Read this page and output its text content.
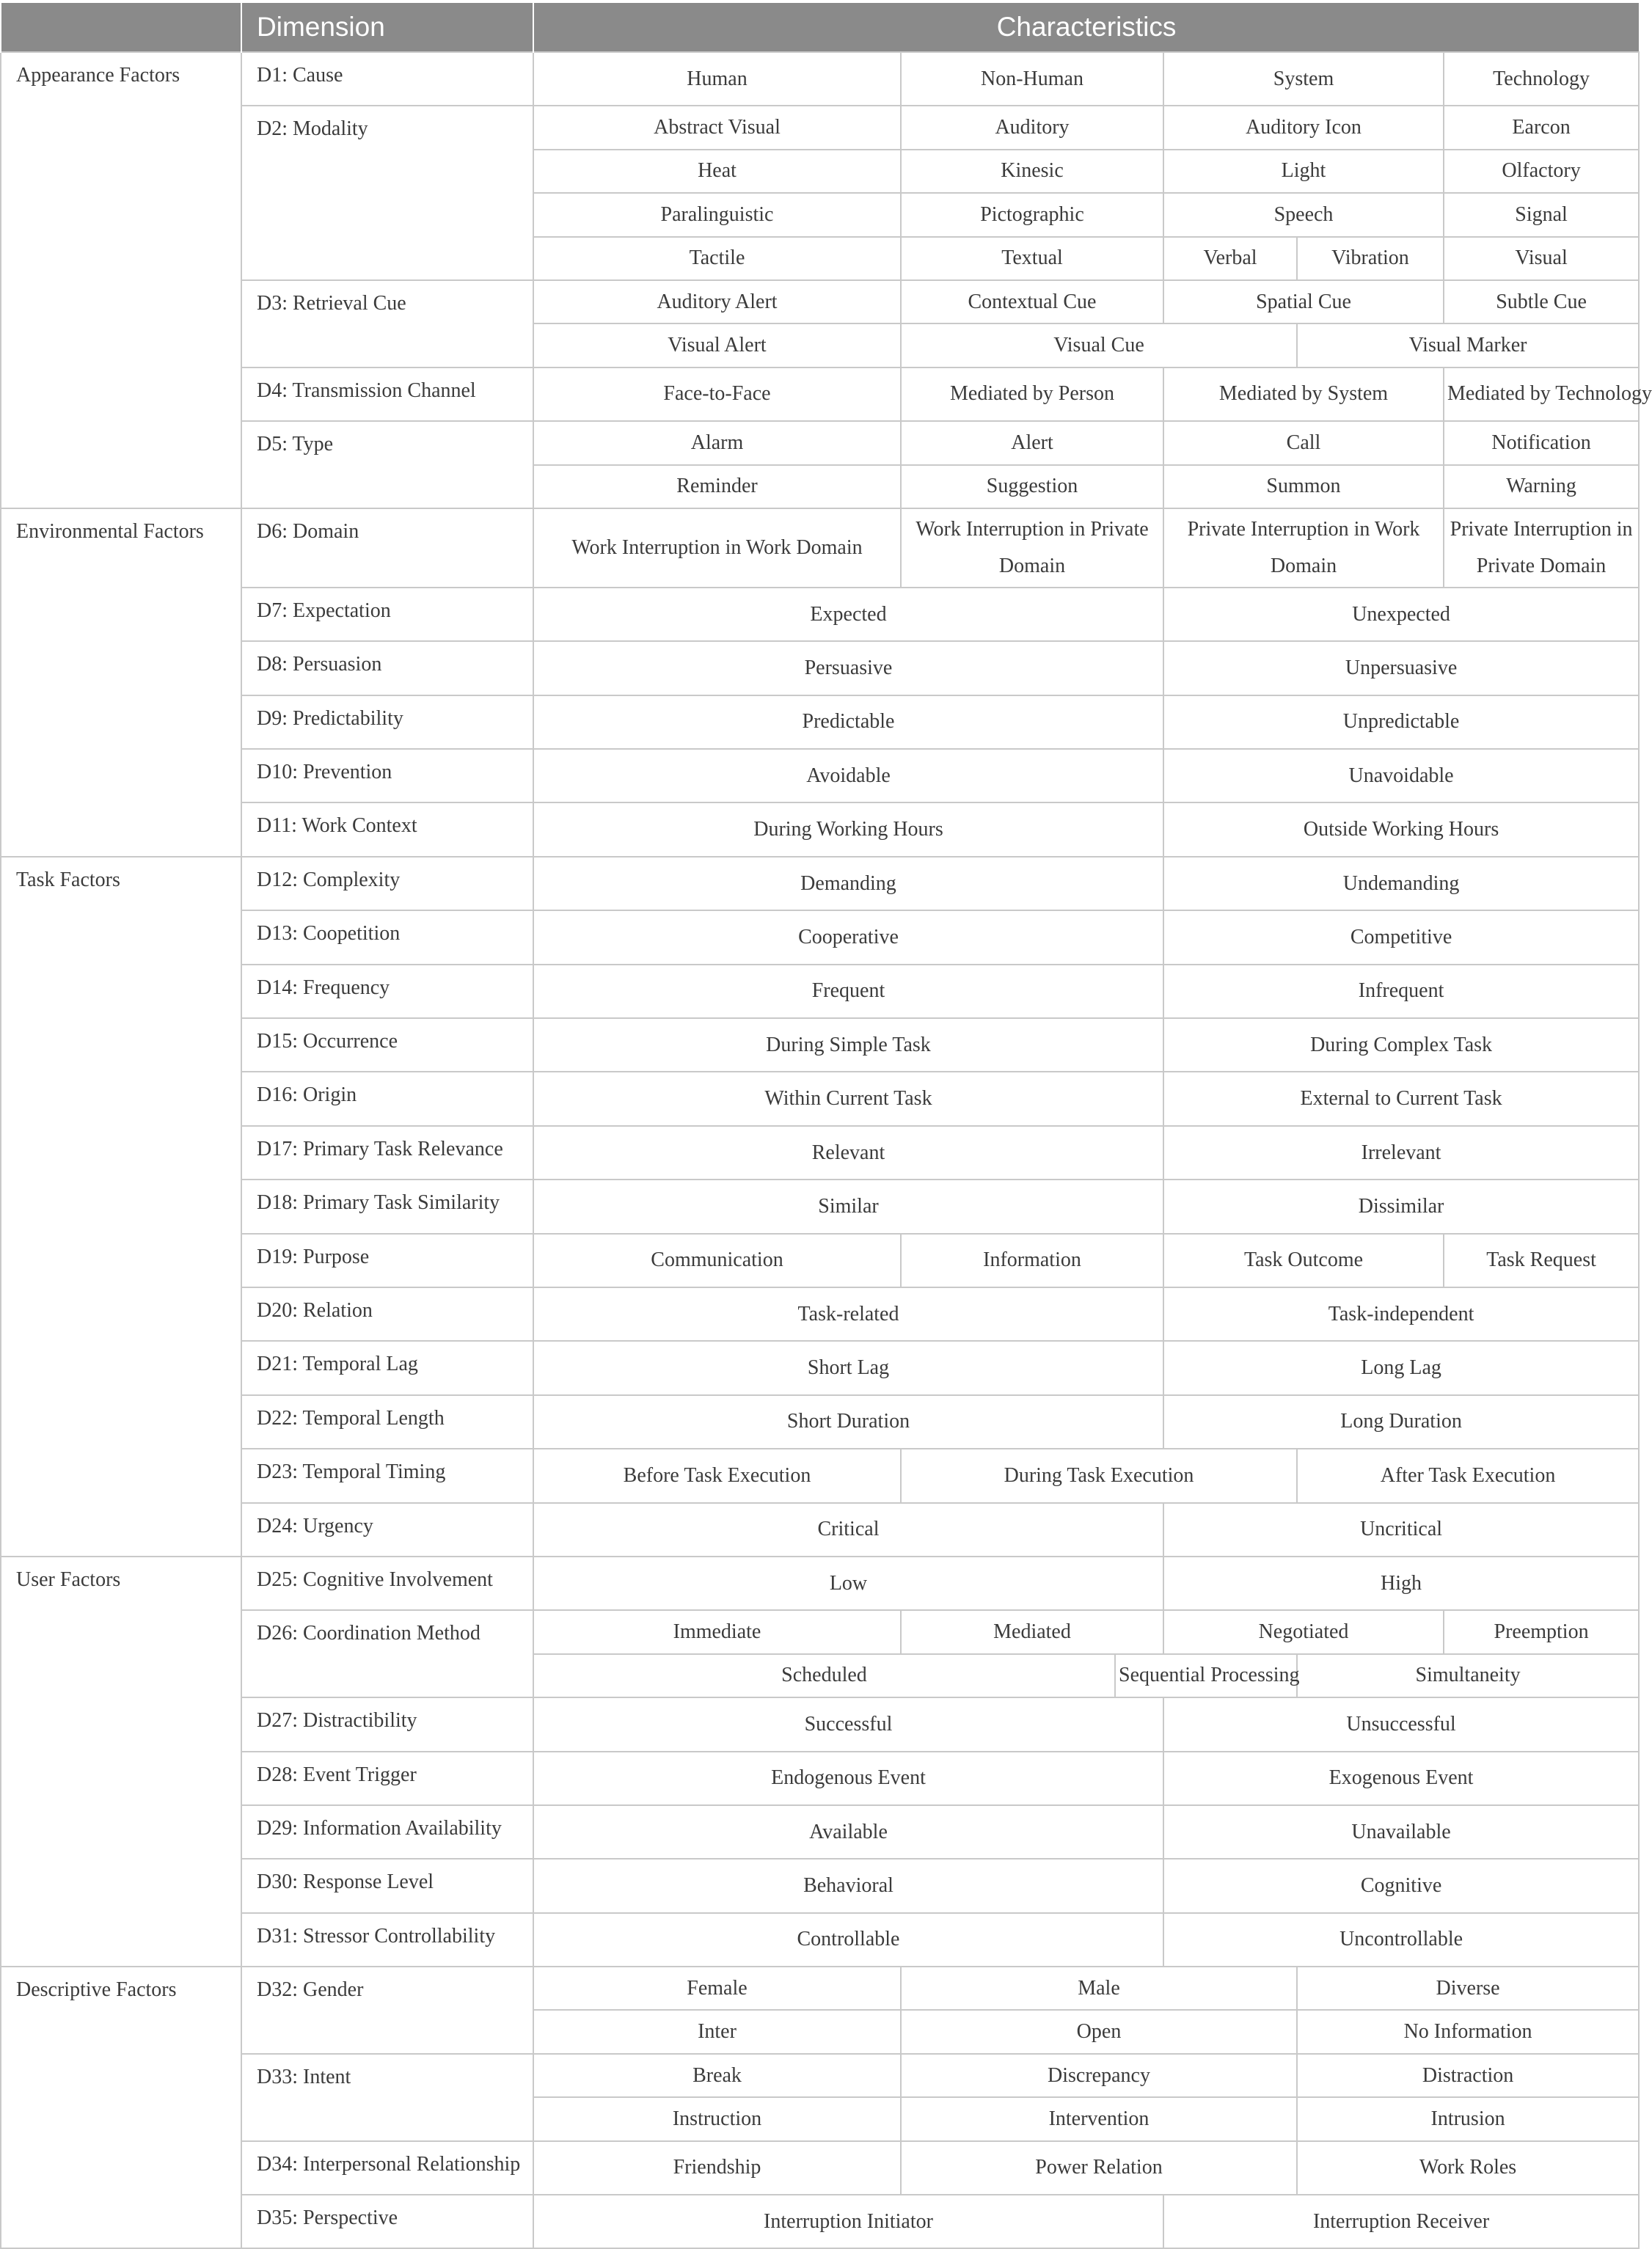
	Dimension	Characteristics					
Appearance Factors	D1: Cause	Human	Non-Human		System		Technology
	D2: Modality	Abstract Visual	Auditory		Auditory Icon		Earcon
		Heat	Kinesic		Light		Olfactory
		Paralinguistic	Pictographic		Speech		Signal
		Tactile	Textual		Verbal	Vibration	Visual
	D3: Retrieval Cue	Auditory Alert	Contextual Cue		Spatial Cue		Subtle Cue
		Visual Alert	Visual Cue			Visual Marker	
	D4: Transmission Channel	Face-to-Face	Mediated by Person		Mediated by System		Mediated by Technology
	D5: Type	Alarm	Alert		Call		Notification
		Reminder	Suggestion		Summon		Warning
Environmental Factors	D6: Domain	Work Interruption in Work Domain	Work Interruption in Private Domain		Private Interruption in Work Domain		Private Interruption in Private Domain
	D7: Expectation	Expected			Unexpected		
	D8: Persuasion	Persuasive			Unpersuasive		
	D9: Predictability	Predictable			Unpredictable		
	D10: Prevention	Avoidable			Unavoidable		
	D11: Work Context	During Working Hours			Outside Working Hours		
Task Factors	D12: Complexity	Demanding			Undemanding		
	D13: Coopetition	Cooperative			Competitive		
	D14: Frequency	Frequent			Infrequent		
	D15: Occurrence	During Simple Task			During Complex Task		
	D16: Origin	Within Current Task			External to Current Task		
	D17: Primary Task Relevance	Relevant			Irrelevant		
	D18: Primary Task Similarity	Similar			Dissimilar		
	D19: Purpose	Communication	Information		Task Outcome		Task Request
	D20: Relation	Task-related			Task-independent		
	D21: Temporal Lag	Short Lag			Long Lag		
	D22: Temporal Length	Short Duration			Long Duration		
	D23: Temporal Timing	Before Task Execution	During Task Execution			After Task Execution	
	D24: Urgency	Critical			Uncritical		
User Factors	D25: Cognitive Involvement	Low			High		
	D26: Coordination Method	Immediate	Mediated		Negotiated		Preemption
		Scheduled		Sequential Processing		Simultaneity	
	D27: Distractibility	Successful			Unsuccessful		
	D28: Event Trigger	Endogenous Event			Exogenous Event		
	D29: Information Availability	Available			Unavailable		
	D30: Response Level	Behavioral			Cognitive		
	D31: Stressor Controllability	Controllable			Uncontrollable		
Descriptive Factors	D32: Gender	Female	Male			Diverse	
		Inter	Open			No Information	
	D33: Intent	Break	Discrepancy			Distraction	
		Instruction	Intervention			Intrusion	
	D34: Interpersonal Relationship	Friendship	Power Relation			Work Roles	
	D35: Perspective	Interruption Initiator			Interruption Receiver		
